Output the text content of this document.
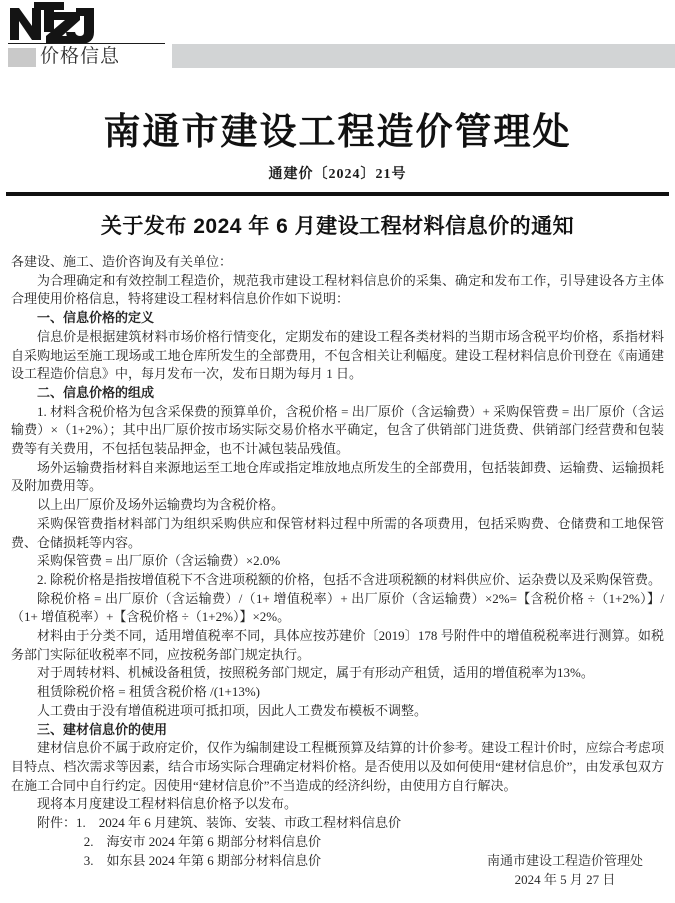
价格信息
南通市建设工程造价管理处
通建价〔2024〕21号
关于发布 2024 年 6 月建设工程材料信息价的通知

各建设、施工、造价咨询及有关单位：

为合理确定和有效控制工程造价，规范我市建设工程材料信息价的采集、确定和发布工作，引导建设各方主体合理使用价格信息，特将建设工程材料信息价作如下说明：

一、信息价格的定义

信息价是根据建筑材料市场价格行情变化，定期发布的建设工程各类材料的当期市场含税平均价格，系指材料自采购地运至施工现场或工地仓库所发生的全部费用，不包含相关让利幅度。建设工程材料信息价刊登在《南通建设工程造价信息》中，每月发布一次，发布日期为每月 1 日。

二、信息价格的组成

1. 材料含税价格为包含采保费的预算单价，含税价格 = 出厂原价（含运输费）+ 采购保管费 = 出厂原价（含运输费）×（1+2%）；其中出厂原价按市场实际交易价格水平确定，包含了供销部门进货费、供销部门经营费和包装费等有关费用，不包括包装品押金，也不计减包装品残值。

场外运输费指材料自来源地运至工地仓库或指定堆放地点所发生的全部费用，包括装卸费、运输费、运输损耗及附加费用等。

以上出厂原价及场外运输费均为含税价格。

采购保管费指材料部门为组织采购供应和保管材料过程中所需的各项费用，包括采购费、仓储费和工地保管费、仓储损耗等内容。

采购保管费 = 出厂原价（含运输费）×2.0%

2. 除税价格是指按增值税下不含进项税额的价格，包括不含进项税额的材料供应价、运杂费以及采购保管费。

除税价格 = 出厂原价（含运输费）/（1+ 增值税率）+ 出厂原价（含运输费）×2%=【含税价格 ÷（1+2%）】/（1+ 增值税率）+【含税价格 ÷（1+2%）】×2%。

材料由于分类不同，适用增值税率不同，具体应按苏建价〔2019〕178 号附件中的增值税税率进行测算。如税务部门实际征收税率不同，应按税务部门规定执行。

对于周转材料、机械设备租赁，按照税务部门规定，属于有形动产租赁，适用的增值税率为13%。

租赁除税价格 = 租赁含税价格 /(1+13%)

人工费由于没有增值税进项可抵扣项，因此人工费发布模板不调整。

三、建材信息价的使用

建材信息价不属于政府定价，仅作为编制建设工程概预算及结算的计价参考。建设工程计价时，应综合考虑项目特点、档次需求等因素，结合市场实际合理确定材料价格。是否使用以及如何使用“建材信息价”，由发承包双方在施工合同中自行约定。因使用“建材信息价”不当造成的经济纠纷，由使用方自行解决。

现将本月度建设工程材料信息价格予以发布。

附件：1.　2024 年 6 月建筑、装饰、安装、市政工程材料信息价

2.　海安市 2024 年第 6 期部分材料信息价

3.　如东县 2024 年第 6 期部分材料信息价	南通市建设工程造价管理处
2024 年 5 月 27 日
